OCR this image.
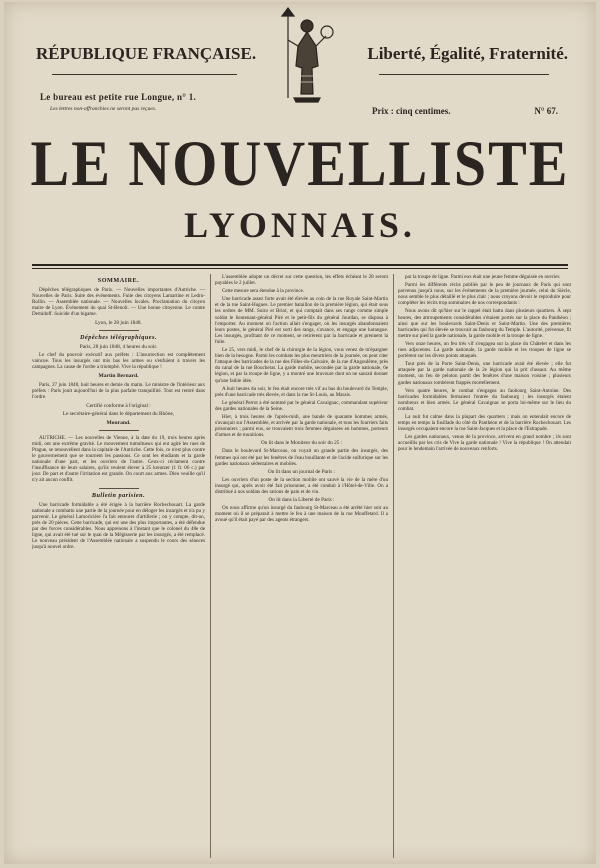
RÉPUBLIQUE FRANÇAISE.	Liberté, Égalité, Fraternité.
Le bureau est petite rue Longue, n° 1.
Les lettres non-affranchies ne seront pas reçues.	Prix : cinq centimes.	N° 67.
LE NOUVELLISTE
LYONNAIS.
SOMMAIRE.
Dépêches télégraphiques de Paris. — Nouvelles importantes d'Autriche. — Nouvelles de Paris. Suite des événements. Fuite des citoyens Lamartine et Ledru-Rollin. — Assemblée nationale. — Nouvelles locales. Proclamation du citoyen maire de Lyon. Événement du quai St-Benoît. — Une bonne citoyenne. Le comte Demidoff. Suicide d'un bigame.
Lyon, le 28 juin 1848.
Dépêches télégraphiques.
Paris, 28 juin 1848, 4 heures du soir.
Le chef du pouvoir exécutif aux préfets : L'insurrection est complètement vaincue. Tous les insurgés ont mis bas les armes ou s'enfuient à travers les campagnes. La cause de l'ordre a triomphé. Vive la république !
Martin Bernard.
Paris, 27 juin 1848, huit heures et demie du matin. Le ministre de l'intérieur aux préfets : Paris jouit aujourd'hui de la plus parfaite tranquillité. Tout est rentré dans l'ordre.
Certifié conforme à l'original :
Le secrétaire-général dans le département du Rhône,
Mourand.
AUTRICHE. — Les nouvelles de Vienne, à la date du 19, trois heures après midi, ont une extrême gravité. Le mouvement tumultueux qui eut agité les rues de Prague, se renouvellent dans la capitale de l'Autriche. Cette fois, ce n'est plus contre le gouvernement que se tournent les passions. Ce sont les étudiants et la garde nationale d'une part, et les ouvriers de l'autre. Ceux-ci réclament contre l'insuffisance de leurs salaires, qu'ils veulent élever à 25 kreutzer (1 fr. 06 c.) par jour. De part et d'autre l'irritation est grande. On court aux armes. Dieu veuille qu'il n'y ait aucun conflit.
Bulletin parisien.
Une barricade formidable a été érigée à la barrière Rochechouart. La garde nationale a combattu une partie de la journée pour en déloger les insurgés et n'a pu y parvenir. Le général Lamoricière l'a fait entourer d'artillerie ; on y compte, dit-on, près de 20 pièces. Cette barricade, qui est une des plus importantes, a été défendue par des forces considérables. Nous apprenons à l'instant que le colonel du 48e de ligne, qui avait été tué sur le quai de la Mégisserie par les insurgés, a été remplacé. Le nouveau président de l'Assemblée nationale a suspendu le cours des séances jusqu'à nouvel ordre.
L'assemblée adopte un décret sur cette question, les effets échéant le 28 seront payables le 2 juillet.
Cette mesure sera étendue à la province.
Une barricade assez forte avait été élevée au coin de la rue Royale Saint-Martin et de la rue Saint-Hugues. Le premier bataillon de la première légion, qui était sous les ordres de MM. Suiro et Briot, et qui comptait dans ses rangs comme simple soldat le lieutenant-général Piré et le petit-fils du général Jourdan, se disposa à l'emporter. Au moment où l'action allait s'engager, où les insurgés abandonnaient leurs postes, le général Piré est sorti des rangs, s'avance, et engage une harangue. Les insurgés, profitant de ce moment, se retirèrent par la barricade et prennent la fuite.
Le 25, vers midi, le chef de la chirurgie de la légion, vous venez de m'épargner bien de la besogne. Parmi les combats les plus meurtriers de la journée, on peut citer l'attaque des barricades de la rue des Filles-du-Calvaire, de la rue d'Angoulême, près du canal de la rue Boucherat. La garde mobile, secondée par la garde nationale, 6e légion, et par la troupe de ligne, y a montré une bravoure dont on ne saurait donner qu'une faible idée.
A huit heures du soir, le feu était encore très vif au bas du boulevard du Temple, près d'une barricade très élevée, et dans la rue St-Louis, au Marais.
Le général Perrot a été nommé par le général Cavaignac, commandant supérieur des gardes nationales de la Seine.
Hier, à trois heures de l'après-midi, une bande de quarante hommes armés, s'avançait sur l'Assemblée, et arrivée par la garde nationale, et tous les fourriers faits prisonniers ; parmi eux, se trouvaient trois femmes déguisées en hommes, porteurs d'armes et de munitions.
On lit dans le Moniteur du soir du 25 :
Dans le boulevard St-Marceau, on voyait un grande partie des insurgés, des femmes qui ont été par les fenêtres de l'eau bouillante et de l'acide sulfurique sur les gardes nationaux sédentaires et mobiles.
On lit dans un journal de Paris :
Les ouvriers d'un poste de la section mobile ont sauvé la vie de la mère d'un insurgé qui, après avoir été fait prisonnier, a été conduit à l'Hôtel-de-Ville. On a distribué à nos soldats des rations de pain et de vin.
On lit dans la Liberté de Paris :
On nous affirme qu'un insurgé du faubourg St-Marceau a été arrêté hier soir au moment où il se préparait à mettre le feu à une maison de la rue Mouffetard. Il a avoué qu'il était payé par des agents étrangers.
par la troupe de ligne. Parmi eux était une jeune femme déguisée en ouvrier.
Parmi les différents récits publiés par le peu de journaux de Paris qui sont parvenus jusqu'à nous, sur les événements de la première journée, celui du Siècle, nous semble le plus détaillé et le plus clair ; nous croyons devoir le reproduire pour compléter les récits trop sommaires de nos correspondants :
Nous avons dit qu'hier sur le rappel était battu dans plusieurs quartiers. À sept heures, des attroupements considérables s'étaient portés sur la place du Panthéon ; ainsi que sur les boulevards Saint-Denis et Saint-Martin. Une des premières barricades qui fut élevée se trouvait au faubourg du Temple. L'autorité, prévenue, fit mettre sur pied la garde nationale, la garde mobile et la troupe de ligne.
Vers onze heures, un feu très vif s'engagea sur la place du Châtelet et dans les rues adjacentes. La garde nationale, la garde mobile et les troupes de ligne se portèrent sur les divers points attaqués.
Tout près de la Porte Saint-Denis, une barricade avait été élevée ; elle fut attaquée par la garde nationale de la 2e légion qui la prit d'assaut. Au même moment, un feu de peloton partit des fenêtres d'une maison voisine ; plusieurs gardes nationaux tombèrent frappés mortellement.
Vers quatre heures, le combat s'engagea au faubourg Saint-Antoine. Des barricades formidables fermaient l'entrée du faubourg ; les insurgés étaient nombreux et bien armés. Le général Cavaignac se porta lui-même sur le lieu du combat.
La nuit fut calme dans la plupart des quartiers ; mais on entendait encore de temps en temps la fusillade du côté du Panthéon et de la barrière Rochechouart. Les insurgés occupaient encore la rue Saint-Jacques et la place de l'Estrapade.
Les gardes nationaux, venus de la province, arrivent en grand nombre ; ils sont accueillis par les cris de Vive la garde nationale ! Vive la république ! On attendait pour le lendemain l'arrivée de nouveaux renforts.
